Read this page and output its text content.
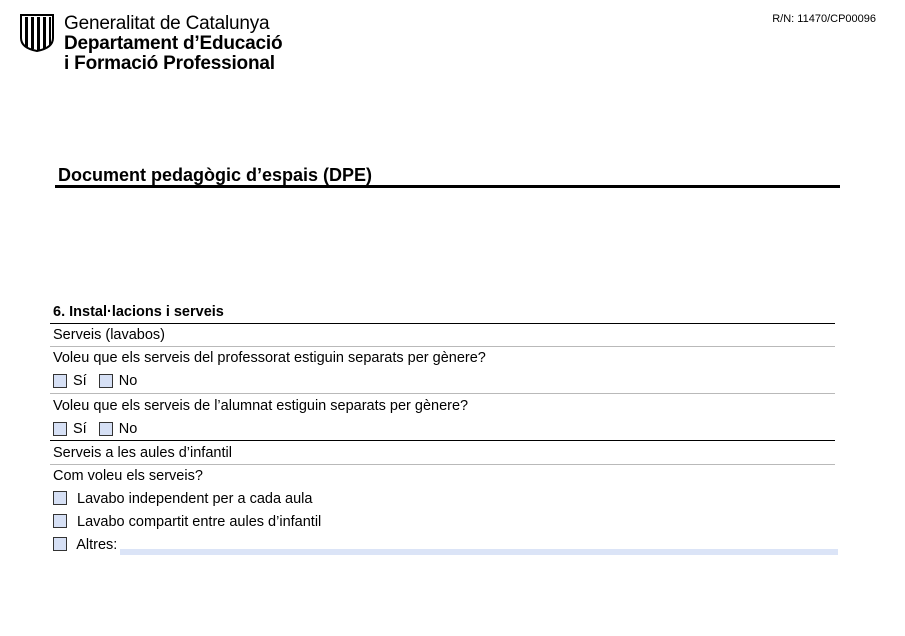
Generalitat de Catalunya
Departament d’Educació
i Formació Professional
R/N: 11470/CP00096
Document pedagògic d’espais (DPE)
6. Instal·lacions i serveis
Serveis (lavabos)
Voleu que els serveis del professorat estiguin separats per gènere?
Sí
No
Voleu que els serveis de l’alumnat estiguin separats per gènere?
Sí
No
Serveis a les aules d’infantil
Com voleu els serveis?
Lavabo independent per a cada aula
Lavabo compartit entre aules d’infantil
Altres:
